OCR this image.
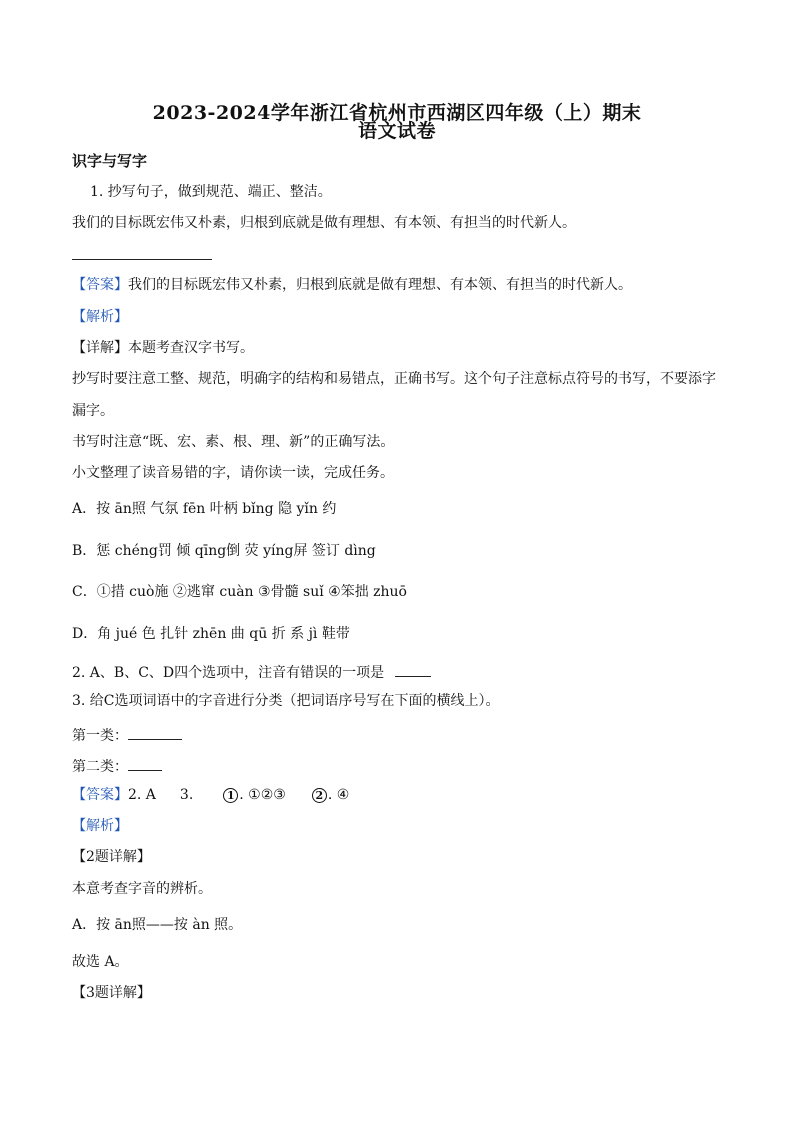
2023-2024学年浙江省杭州市西湖区四年级（上）期末
语文试卷
识字与写字
1. 抄写句子，做到规范、端正、整洁。
我们的目标既宏伟又朴素，归根到底就是做有理想、有本领、有担当的时代新人。
【答案】我们的目标既宏伟又朴素，归根到底就是做有理想、有本领、有担当的时代新人。
【解析】
【详解】本题考查汉字书写。
抄写时要注意工整、规范，明确字的结构和易错点，正确书写。这个句子注意标点符号的书写，不要添字
漏字。
书写时注意“既、宏、素、根、理、新”的正确写法。
小文整理了读音易错的字，请你读一读，完成任务。
A．按 ān照 气氛 fēn 叶柄 bǐng 隐 yǐn 约
B．惩 chéng罚 倾 qīng倒 荧 yíng屏 签订 dìng
C．①措 cuò施 ②逃窜 cuàn ③骨髓 suǐ ④笨拙 zhuō
D．角 jué 色 扎针 zhēn 曲 qū 折 系 jì 鞋带
2. A、B、C、D四个选项中，注音有错误的一项是
3. 给C选项词语中的字音进行分类（把词语序号写在下面的横线上）。
第一类：
第二类：
【答案】2. A 3.	1 . ①②③	2 . ④
【解析】
【2题详解】
本意考查字音的辨析。
A．按 ān照——按 àn 照。
故选 A。
【3题详解】
